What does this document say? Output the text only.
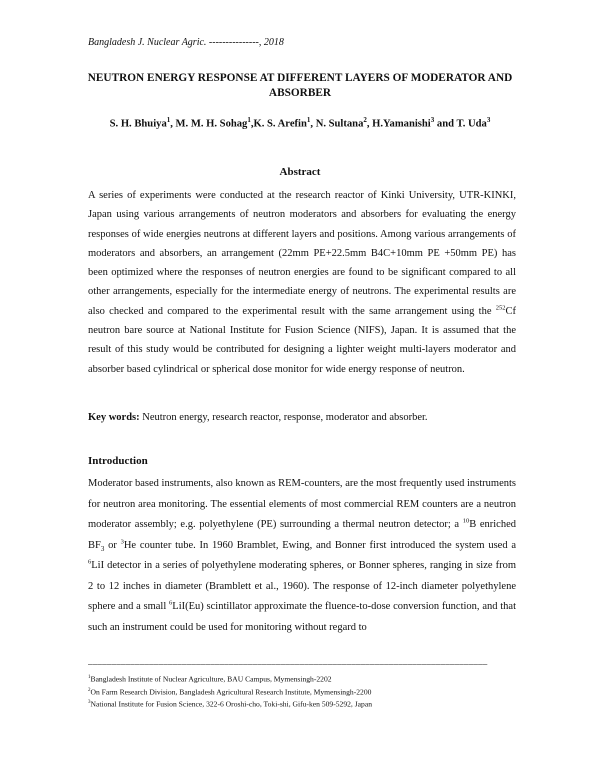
Bangladesh J. Nuclear Agric. ---------------, 2018
NEUTRON ENERGY RESPONSE AT DIFFERENT LAYERS OF MODERATOR AND ABSORBER
S. H. Bhuiya$^1$, M. M. H. Sohag$^1$,K. S. Arefin$^1$, N. Sultana$^2$, H.Yamanishi$^3$ and T. Uda$^3$
Abstract

A series of experiments were conducted at the research reactor of Kinki University, UTR-KINKI, Japan using various arrangements of neutron moderators and absorbers for evaluating the energy responses of wide energies neutrons at different layers and positions. Among various arrangements of moderators and absorbers, an arrangement (22mm PE+22.5mm B4C+10mm PE +50mm PE) has been optimized where the responses of neutron energies are found to be significant compared to all other arrangements, especially for the intermediate energy of neutrons. The experimental results are also checked and compared to the experimental result with the same arrangement using the $^{252}$Cf neutron bare source at National Institute for Fusion Science (NIFS), Japan. It is assumed that the result of this study would be contributed for designing a lighter weight multi-layers moderator and absorber based cylindrical or spherical dose monitor for wide energy response of neutron.

Key words: Neutron energy, research reactor, response, moderator and absorber.
Introduction

Moderator based instruments, also known as REM-counters, are the most frequently used instruments for neutron area monitoring. The essential elements of most commercial REM counters are a neutron moderator assembly; e.g. polyethylene (PE) surrounding a thermal neutron detector; a $^{10}$B enriched $BF_3$ or $^3$He counter tube. In 1960 Bramblet, Ewing, and Bonner first introduced the system used a $^6$LiI detector in a series of polyethylene moderating spheres, or Bonner spheres, ranging in size from 2 to 12 inches in diameter (Bramblett et al., 1960). The response of 12-inch diameter polyethylene sphere and a small $^6$LiI(Eu) scintillator approximate the fluence-to-dose conversion function, and that such an instrument could be used for monitoring without regard to

_____________________________________________________________________________________
$^1$Bangladesh Institute of Nuclear Agriculture, BAU Campus, Mymensingh-2202
$^2$On Farm Research Division, Bangladesh Agricultural Research Institute, Mymensingh-2200
$^3$National Institute for Fusion Science, 322-6 Oroshi-cho, Toki-shi, Gifu-ken 509-5292, Japan
